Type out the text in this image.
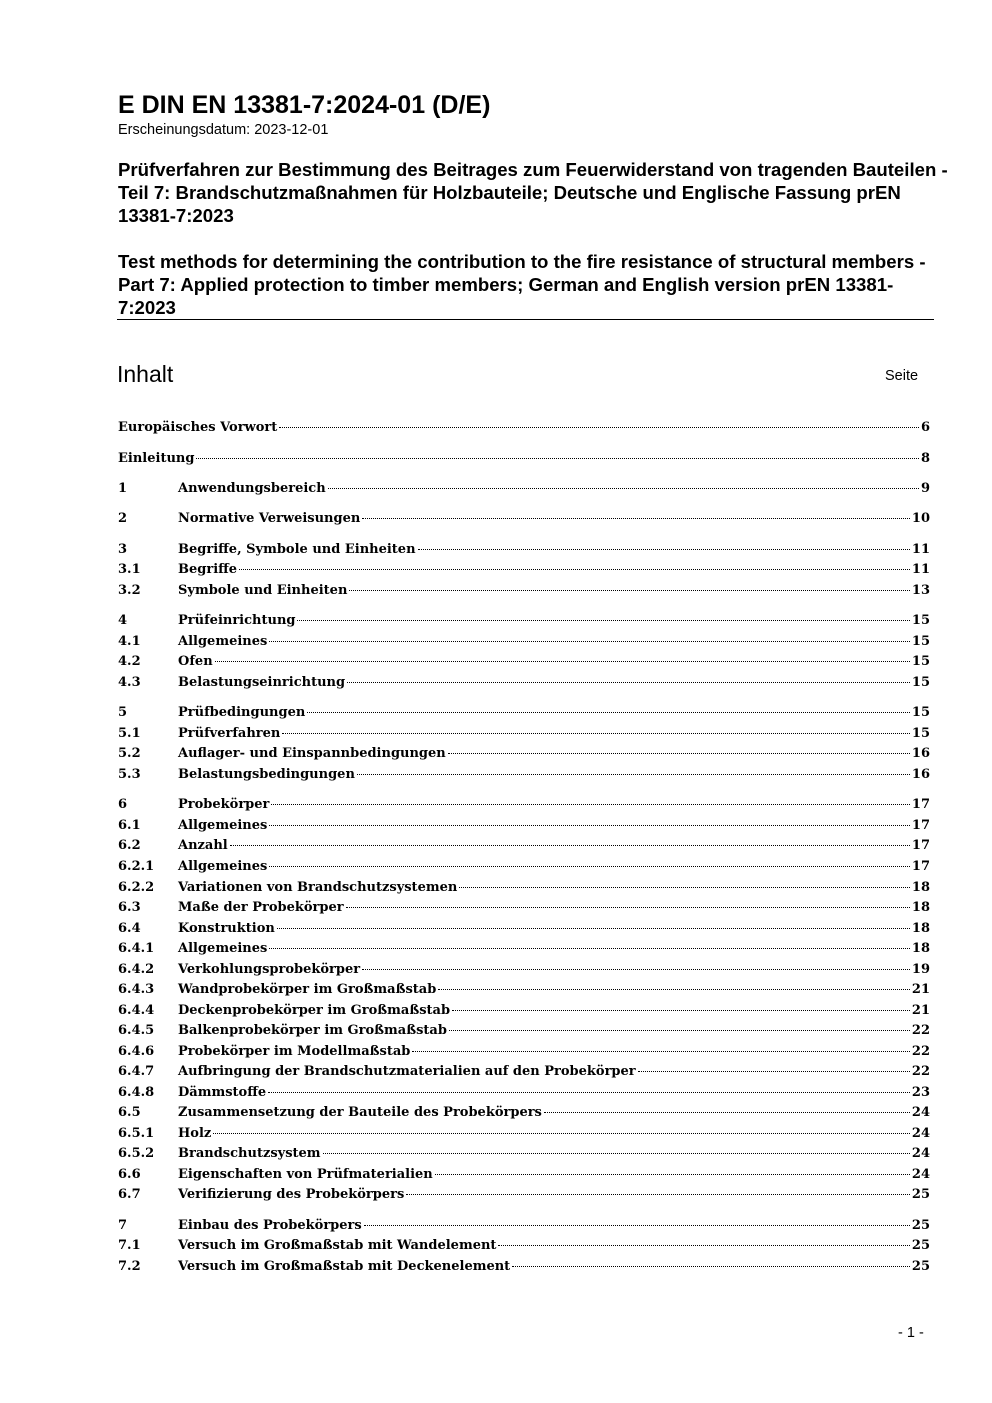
E DIN EN 13381-7:2024-01 (D/E)
Erscheinungsdatum: 2023-12-01
Prüfverfahren zur Bestimmung des Beitrages zum Feuerwiderstand von tragenden Bauteilen - Teil 7: Brandschutzmaßnahmen für Holzbauteile; Deutsche und Englische Fassung prEN 13381-7:2023
Test methods for determining the contribution to the fire resistance of structural members - Part 7: Applied protection to timber members; German and English version prEN 13381-7:2023
Inhalt	Seite
Europäisches Vorwort	6
Einleitung	8
1	Anwendungsbereich	9
2	Normative Verweisungen	10
3	Begriffe, Symbole und Einheiten	11
3.1	Begriffe	11
3.2	Symbole und Einheiten	13
4	Prüfeinrichtung	15
4.1	Allgemeines	15
4.2	Ofen	15
4.3	Belastungseinrichtung	15
5	Prüfbedingungen	15
5.1	Prüfverfahren	15
5.2	Auflager- und Einspannbedingungen	16
5.3	Belastungsbedingungen	16
6	Probekörper	17
6.1	Allgemeines	17
6.2	Anzahl	17
6.2.1	Allgemeines	17
6.2.2	Variationen von Brandschutzsystemen	18
6.3	Maße der Probekörper	18
6.4	Konstruktion	18
6.4.1	Allgemeines	18
6.4.2	Verkohlungsprobekörper	19
6.4.3	Wandprobekörper im Großmaßstab	21
6.4.4	Deckenprobekörper im Großmaßstab	21
6.4.5	Balkenprobekörper im Großmaßstab	22
6.4.6	Probekörper im Modellmaßstab	22
6.4.7	Aufbringung der Brandschutzmaterialien auf den Probekörper	22
6.4.8	Dämmstoffe	23
6.5	Zusammensetzung der Bauteile des Probekörpers	24
6.5.1	Holz	24
6.5.2	Brandschutzsystem	24
6.6	Eigenschaften von Prüfmaterialien	24
6.7	Verifizierung des Probekörpers	25
7	Einbau des Probekörpers	25
7.1	Versuch im Großmaßstab mit Wandelement	25
7.2	Versuch im Großmaßstab mit Deckenelement	25
- 1 -
